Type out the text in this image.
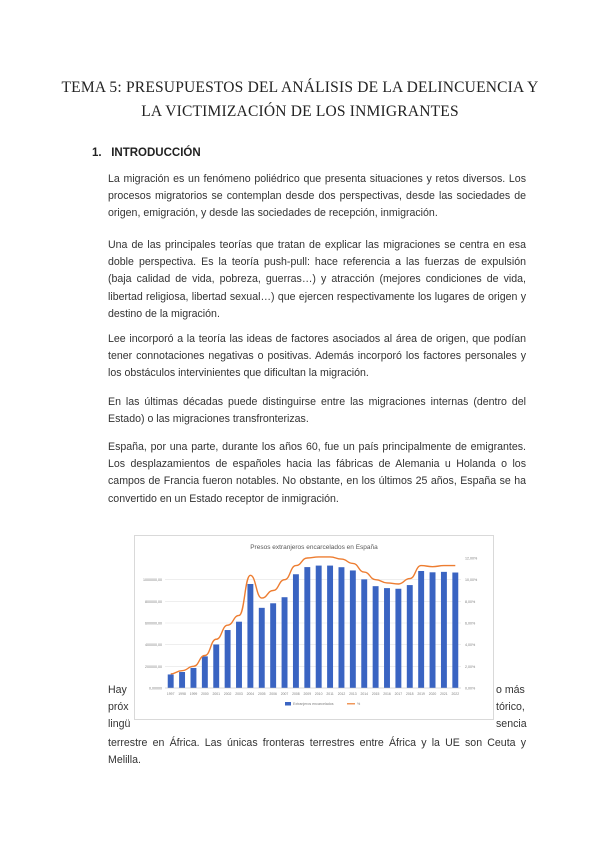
TEMA 5: PRESUPUESTOS DEL ANÁLISIS DE LA DELINCUENCIA Y LA VICTIMIZACIÓN DE LOS INMIGRANTES
1. INTRODUCCIÓN

La migración es un fenómeno poliédrico que presenta situaciones y retos diversos. Los procesos migratorios se contemplan desde dos perspectivas, desde las sociedades de origen, emigración, y desde las sociedades de recepción, inmigración.

Una de las principales teorías que tratan de explicar las migraciones se centra en esa doble perspectiva. Es la teoría push-pull: hace referencia a las fuerzas de expulsión (baja calidad de vida, pobreza, guerras…) y atracción (mejores condiciones de vida, libertad religiosa, libertad sexual…) que ejercen respectivamente los lugares de origen y destino de la migración.

Lee incorporó a la teoría las ideas de factores asociados al área de origen, que podían tener connotaciones negativas o positivas. Además incorporó los factores personales y los obstáculos intervinientes que dificultan la migración.

En las últimas décadas puede distinguirse entre las migraciones internas (dentro del Estado) o las migraciones transfronterizas.

España, por una parte, durante los años 60, fue un país principalmente de emigrantes. Los desplazamientos de españoles hacia las fábricas de Alemania u Holanda o los campos de Francia fueron notables. No obstante, en los últimos 25 años, España se ha convertido en un Estado receptor de inmigración.

Hay
próx
lingü
o más
tórico,
sencia

terrestre en África. Las únicas fronteras terrestres entre África y la UE son Ceuta y Melilla.

Presos extranjeros encarcelados en España
0,00000
200000,00
400000,00
600000,00
800000,00
1000000,00
0,00%
2,00%
4,00%
6,00%
8,00%
10,00%
12,00%
1997 1998 1999 2000 2001 2002 2003 2004 2005 2006 2007 2008 2009 2010 2011 2012 2013 2014 2015 2016 2017 2018 2019 2020 2021 2022
Extranjeros encarcelados	%
